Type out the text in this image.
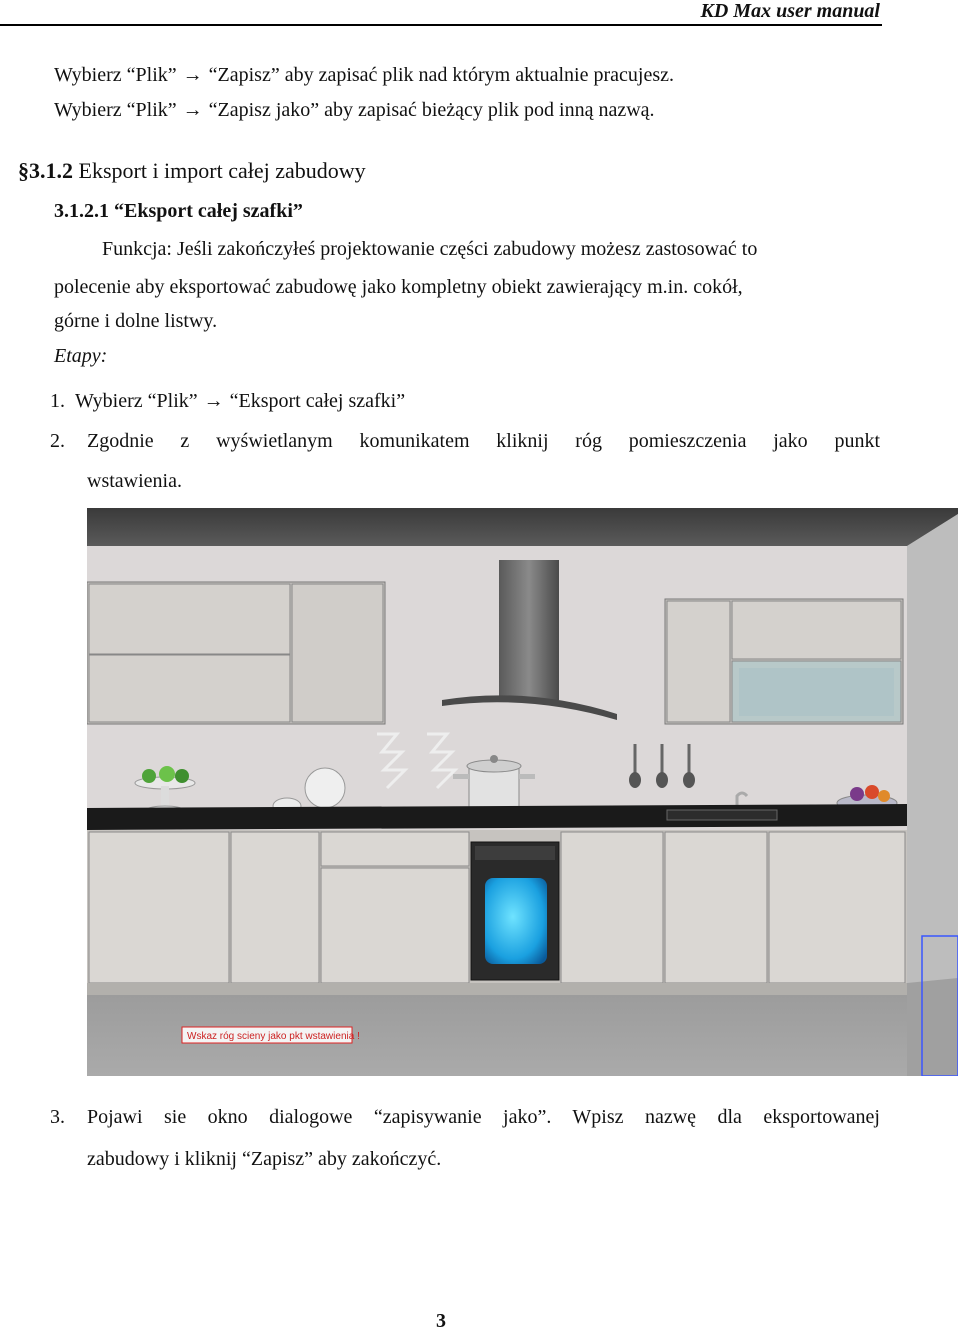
KD Max user manual
Wybierz “Plik” → “Zapisz” aby zapisać plik nad którym aktualnie pracujesz.
Wybierz “Plik” → “Zapisz jako” aby zapisać bieżący plik pod inną nazwą.
§3.1.2 Eksport i import całej zabudowy
3.1.2.1 “Eksport całej szafki”
Funkcja: Jeśli zakończyłeś projektowanie części zabudowy możesz zastosować to
polecenie aby eksportować zabudowę jako kompletny obiekt zawierający m.in. cokół,
górne i dolne listwy.
Etapy:
1. Wybierz “Plik” → “Eksport całej szafki”
2. Zgodnie z wyświetlanym komunikatem kliknij róg pomieszczenia jako punkt
wstawienia.
Wskaz róg scieny jako pkt wstawienia !
3. Pojawi sie okno dialogowe “zapisywanie jako”. Wpisz nazwę dla eksportowanej
zabudowy i kliknij “Zapisz” aby zakończyć.
3
